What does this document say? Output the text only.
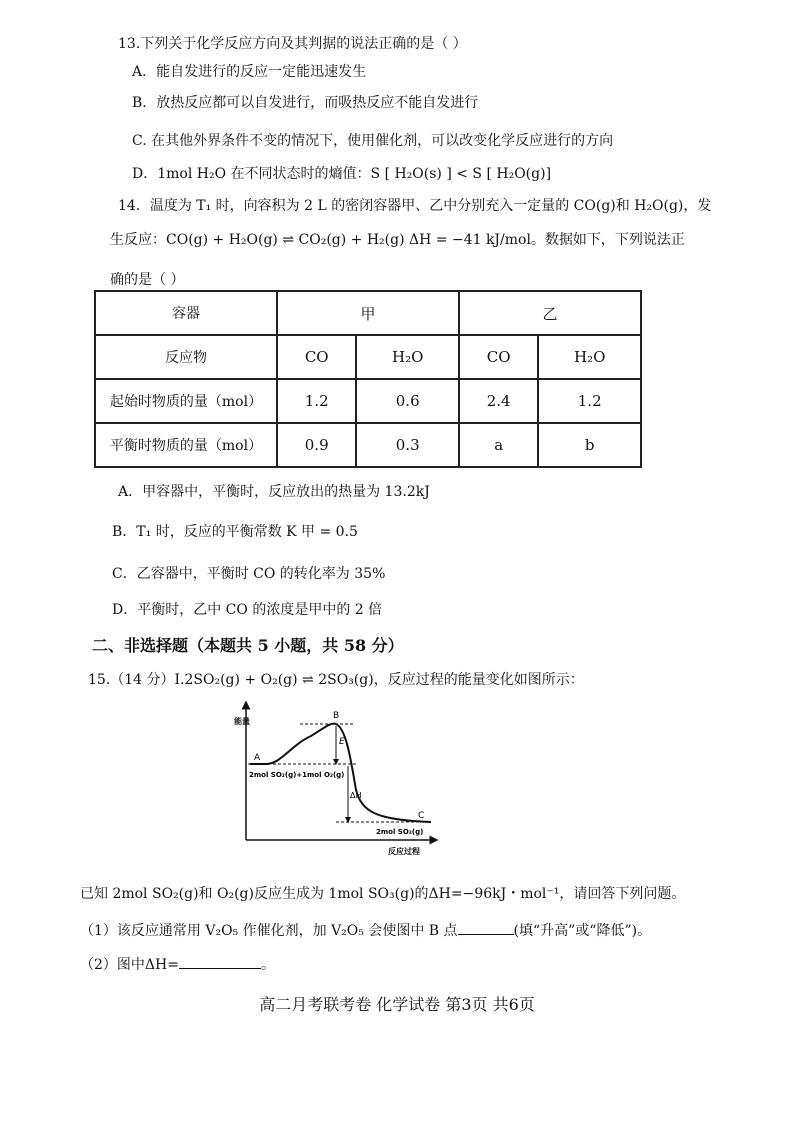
13.下列关于化学反应方向及其判据的说法正确的是（ ）
A．能自发进行的反应一定能迅速发生
B．放热反应都可以自发进行，而吸热反应不能自发进行
C. 在其他外界条件不变的情况下，使用催化剂，可以改变化学反应进行的方向
D．1mol H₂O 在不同状态时的熵值：S [ H₂O(s) ] < S [ H₂O(g)]
14．温度为 T₁ 时，向容积为 2 L 的密闭容器甲、乙中分别充入一定量的 CO(g)和 H₂O(g)，发
生反应：CO(g) + H₂O(g) ⇌ CO₂(g) + H₂(g) ΔH = −41 kJ/mol。数据如下，下列说法正
确的是（ ）
容器	甲		乙	
反应物	CO	H₂O	CO	H₂O
起始时物质的量（mol）	1.2	0.6	2.4	1.2
平衡时物质的量（mol）	0.9	0.3	a	b
A．甲容器中，平衡时，反应放出的热量为 13.2kJ
B．T₁ 时，反应的平衡常数 K 甲 = 0.5
C．乙容器中，平衡时 CO 的转化率为 35%
D．平衡时，乙中 CO 的浓度是甲中的 2 倍
二、非选择题（本题共 5 小题，共 58 分）
15.（14 分）Ⅰ.2SO₂(g) + O₂(g) ⇌ 2SO₃(g)，反应过程的能量变化如图所示：
A
B
C
E
ΔH
2mol SO₂(g)+1mol O₂(g)
2mol SO₃(g)
能量
反应过程
已知 2mol SO₂(g)和 O₂(g)反应生成为 1mol SO₃(g)的ΔH=−96kJ・mol⁻¹，请回答下列问题。
（1）该反应通常用 V₂O₅ 作催化剂，加 V₂O₅ 会使图中 B 点	(填“升高”或“降低”)。
（2）图中ΔH=	。
高二月考联考卷 化学试卷 第3页 共6页
